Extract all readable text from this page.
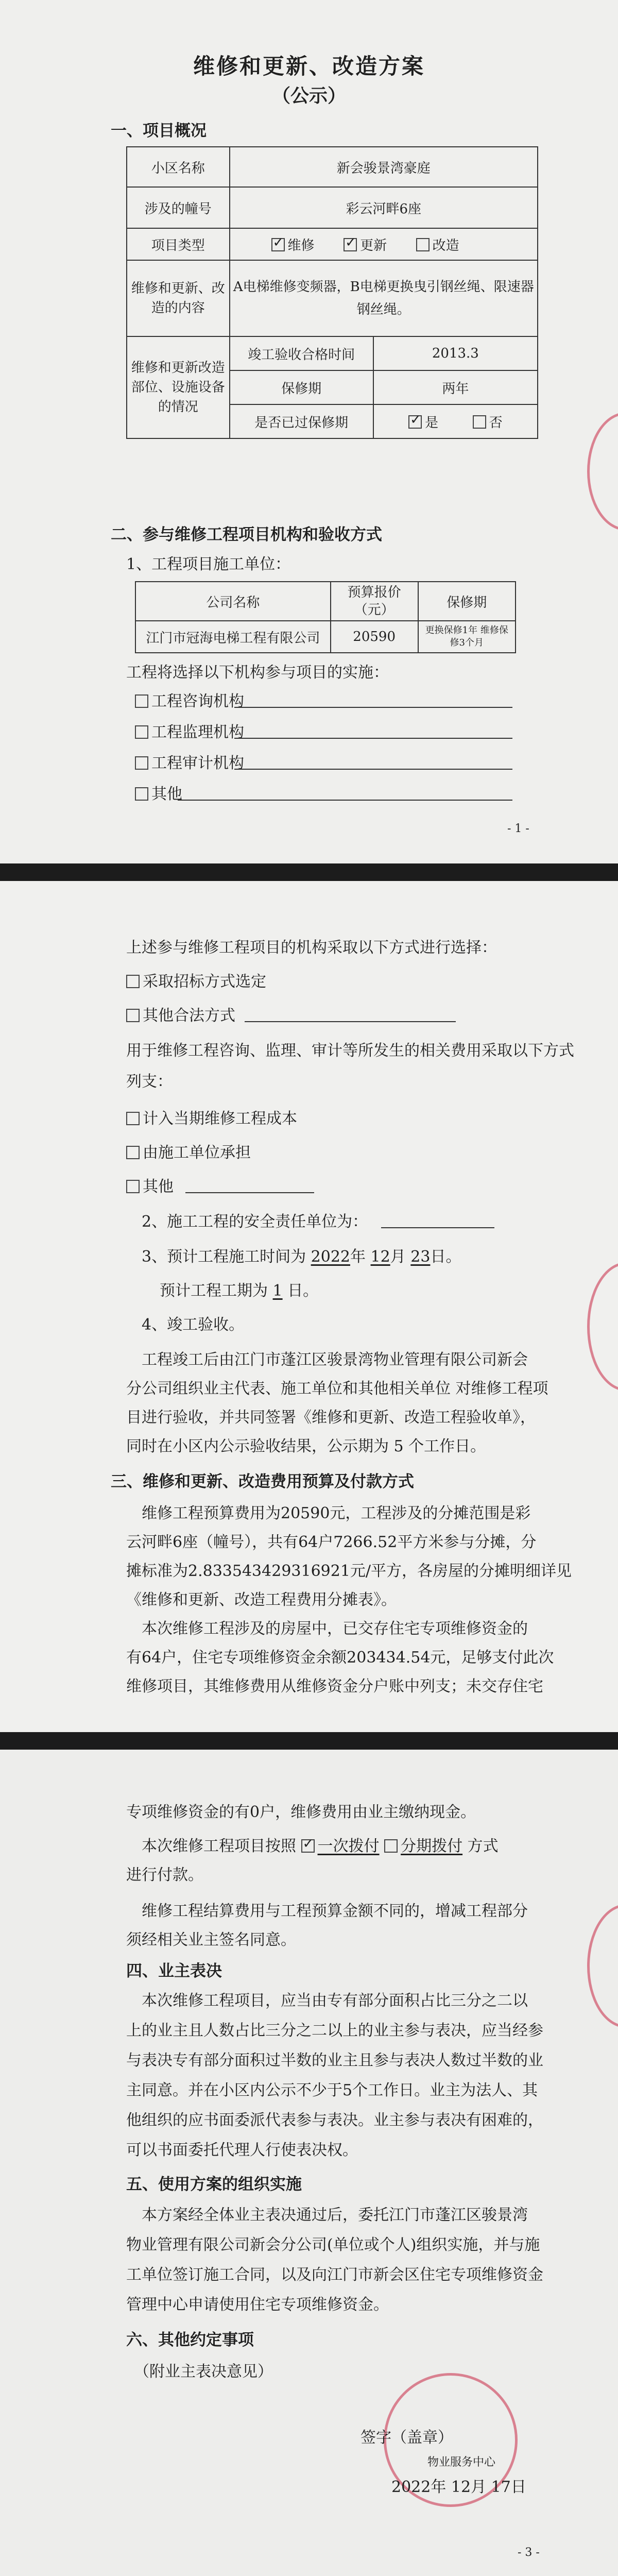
维修和更新、改造方案
（公示）
一、项目概况
小区名称	新会骏景湾豪庭	
涉及的幢号	彩云河畔6座	
项目类型	✓维修 ✓ 更新 改造
维修和更新、改造的内容	A电梯维修变频器，B电梯更换曳引钢丝绳、限速器钢丝绳。	
维修和更新改造部位、设施设备的情况	竣工验收合格时间	2013.3
	保修期	两年
	是否已过保修期	✓是 否
二、参与维修工程项目机构和验收方式
1、工程项目施工单位：
公司名称	预算报价（元）	保修期
江门市冠海电梯工程有限公司	20590	更换保修1年 维修保修3个月
工程将选择以下机构参与项目的实施：
工程咨询机构
工程监理机构
工程审计机构
其他
- 1 -
上述参与维修工程项目的机构采取以下方式进行选择：
采取招标方式选定
其他合法方式
用于维修工程咨询、监理、审计等所发生的相关费用采取以下方式列支：
计入当期维修工程成本
由施工单位承担
其他
2、施工工程的安全责任单位为：
3、预计工程施工时间为 2022年 12月 23日。
预计工程工期为 1 日。
4、竣工验收。
工程竣工后由江门市蓬江区骏景湾物业管理有限公司新会
分公司组织业主代表、施工单位和其他相关单位 对维修工程项
目进行验收，并共同签署《维修和更新、改造工程验收单》，
同时在小区内公示验收结果，公示期为 5 个工作日。
三、维修和更新、改造费用预算及付款方式
维修工程预算费用为20590元，工程涉及的分摊范围是彩
云河畔6座（幢号），共有64户7266.52平方米参与分摊，分
摊标准为2.833543429316921元/平方，各房屋的分摊明细详见
《维修和更新、改造工程费用分摊表》。
本次维修工程涉及的房屋中，已交存住宅专项维修资金的
有64户，住宅专项维修资金余额203434.54元，足够支付此次
维修项目，其维修费用从维修资金分户账中列支；未交存住宅
专项维修资金的有0户，维修费用由业主缴纳现金。
本次维修工程项目按照 ✓ 一次拨付 分期拨付 方式
进行付款。
维修工程结算费用与工程预算金额不同的，增减工程部分
须经相关业主签名同意。
四、业主表决
本次维修工程项目，应当由专有部分面积占比三分之二以
上的业主且人数占比三分之二以上的业主参与表决，应当经参
与表决专有部分面积过半数的业主且参与表决人数过半数的业
主同意。并在小区内公示不少于5个工作日。业主为法人、其
他组织的应书面委派代表参与表决。业主参与表决有困难的，
可以书面委托代理人行使表决权。
五、使用方案的组织实施
本方案经全体业主表决通过后，委托江门市蓬江区骏景湾
物业管理有限公司新会分公司(单位或个人)组织实施，并与施
工单位签订施工合同，以及向江门市新会区住宅专项维修资金
管理中心申请使用住宅专项维修资金。
六、其他约定事项
（附业主表决意见）
签字（盖章）
物业服务中心
2022年 12月 17日
- 3 -
